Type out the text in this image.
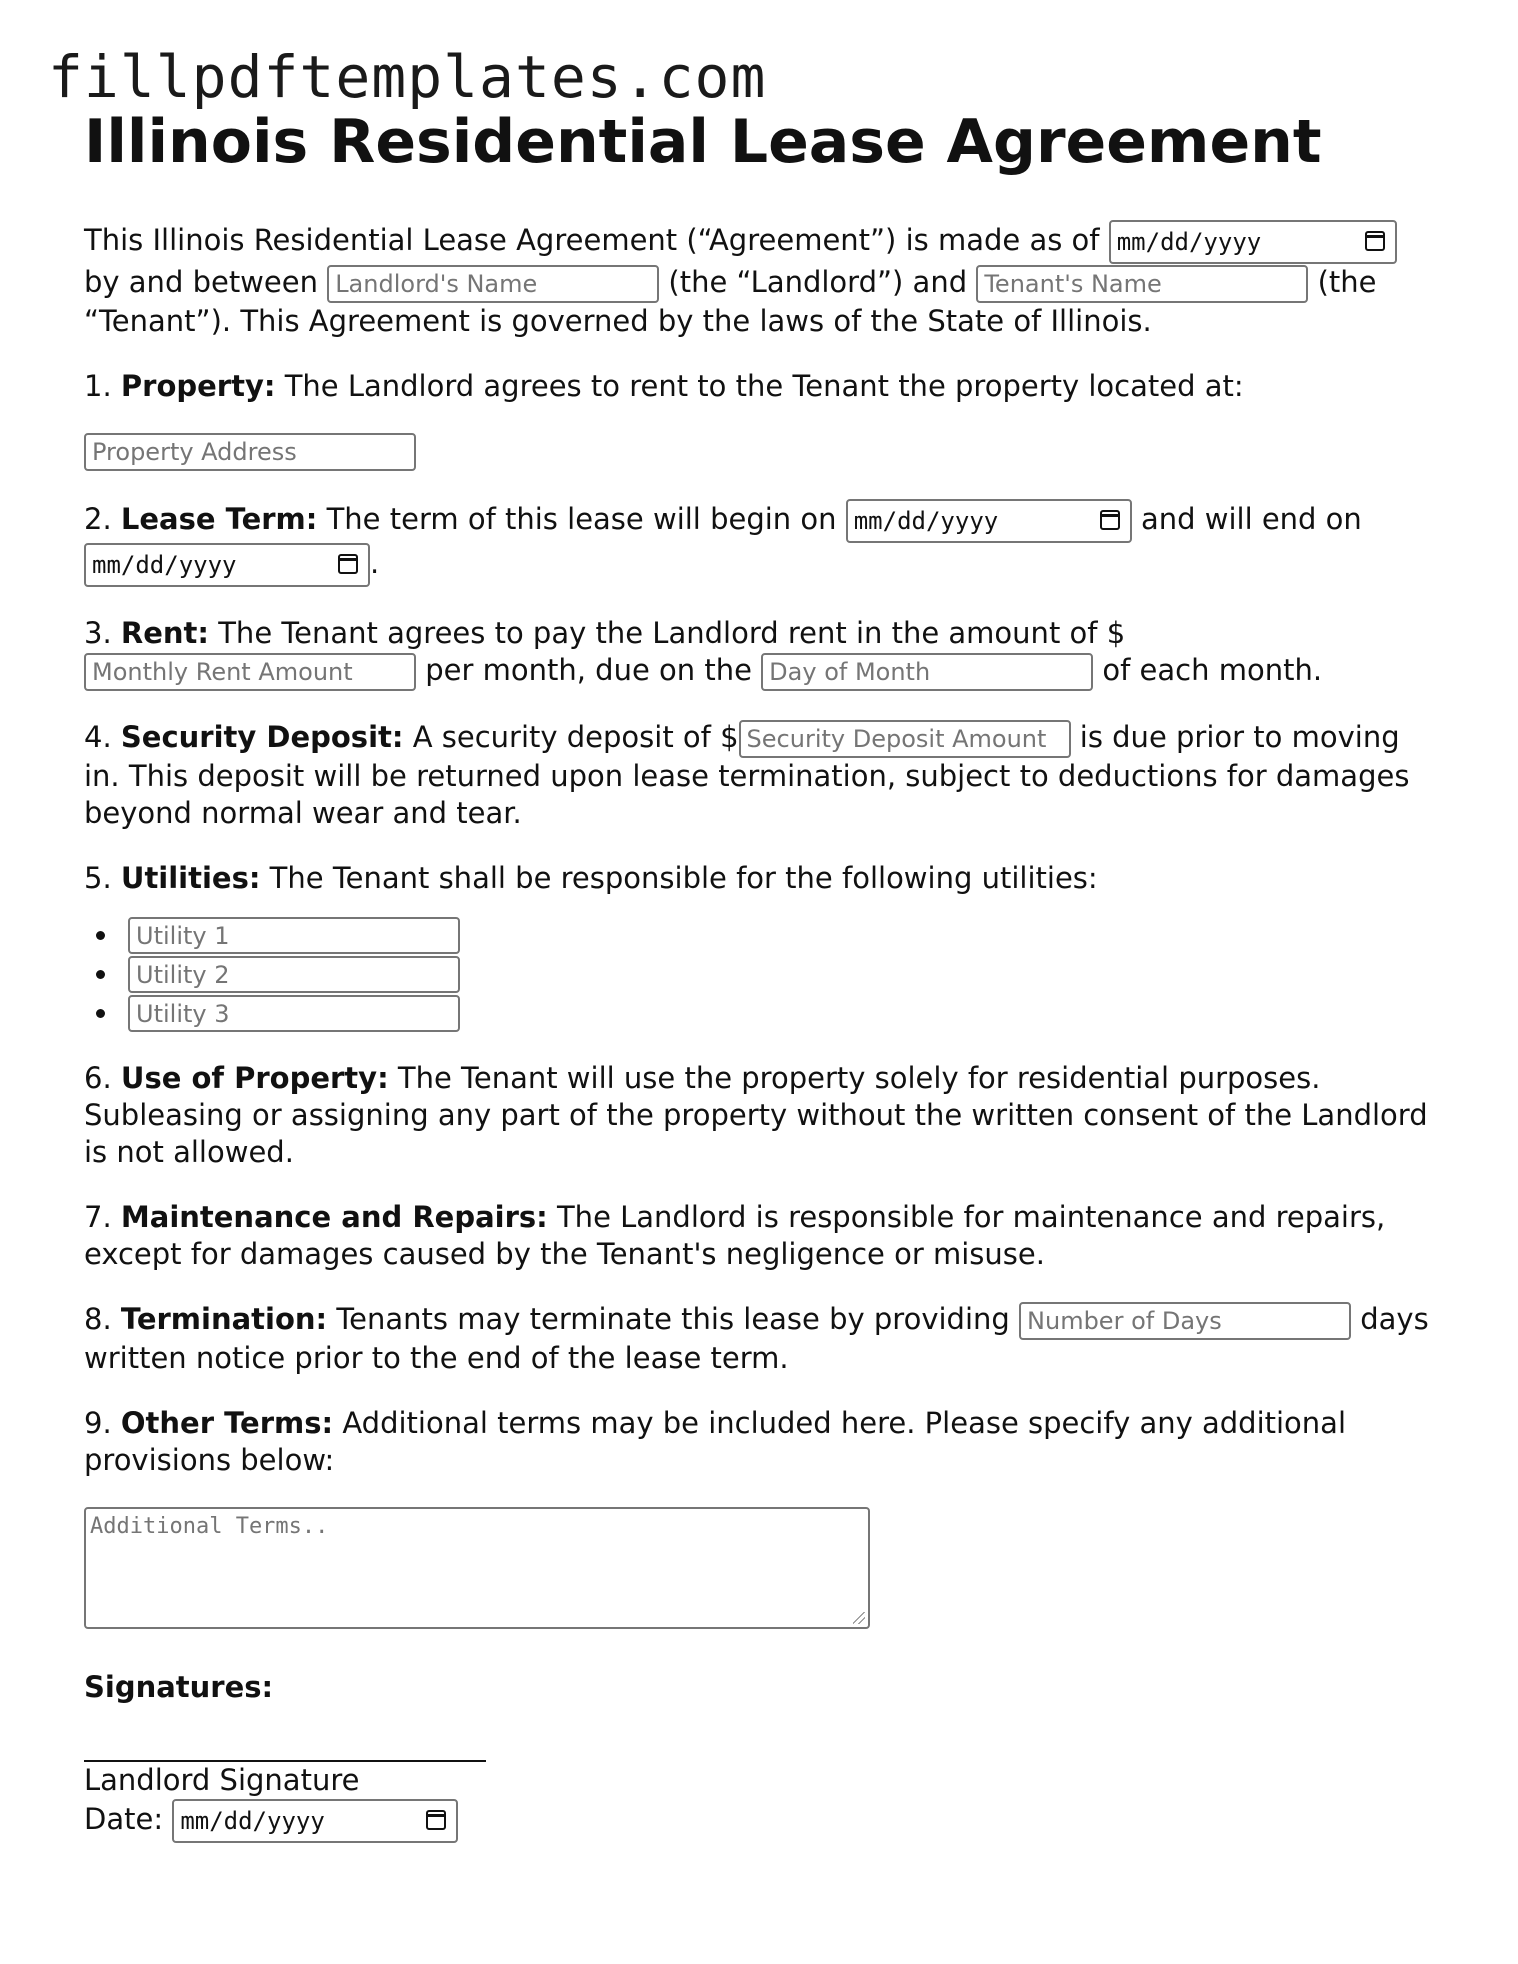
fillpdftemplates.com
Illinois Residential Lease Agreement

This Illinois Residential Lease Agreement (“Agreement”) is made as of mm/dd/yyyy

by and between Landlord's Name	(the “Landlord”) and Tenant's Name	(the “Tenant”). This Agreement is governed by the laws of the State of Illinois.

1. Property: The Landlord agrees to rent to the Tenant the property located at:

Property Address

2. Lease Term: The term of this lease will begin on mm/dd/yyyy	and will end on
mm/dd/yyyy	.

3. Rent: The Tenant agrees to pay the Landlord rent in the amount of $
Monthly Rent Amount	per month, due on the Day of Month	of each month.

4. Security Deposit: A security deposit of $ Security Deposit Amount is due prior to moving in. This deposit will be returned upon lease termination, subject to deductions for damages beyond normal wear and tear.

5. Utilities: The Tenant shall be responsible for the following utilities:

Utility 1
Utility 2
Utility 3

6. Use of Property: The Tenant will use the property solely for residential purposes. Subleasing or assigning any part of the property without the written consent of the Landlord is not allowed.

7. Maintenance and Repairs: The Landlord is responsible for maintenance and repairs, except for damages caused by the Tenant's negligence or misuse.

8. Termination: Tenants may terminate this lease by providing Number of Days	days written notice prior to the end of the lease term.

9. Other Terms: Additional terms may be included here. Please specify any additional provisions below:

Additional Terms..

Signatures:

Landlord Signature
Date: mm/dd/yyyy
